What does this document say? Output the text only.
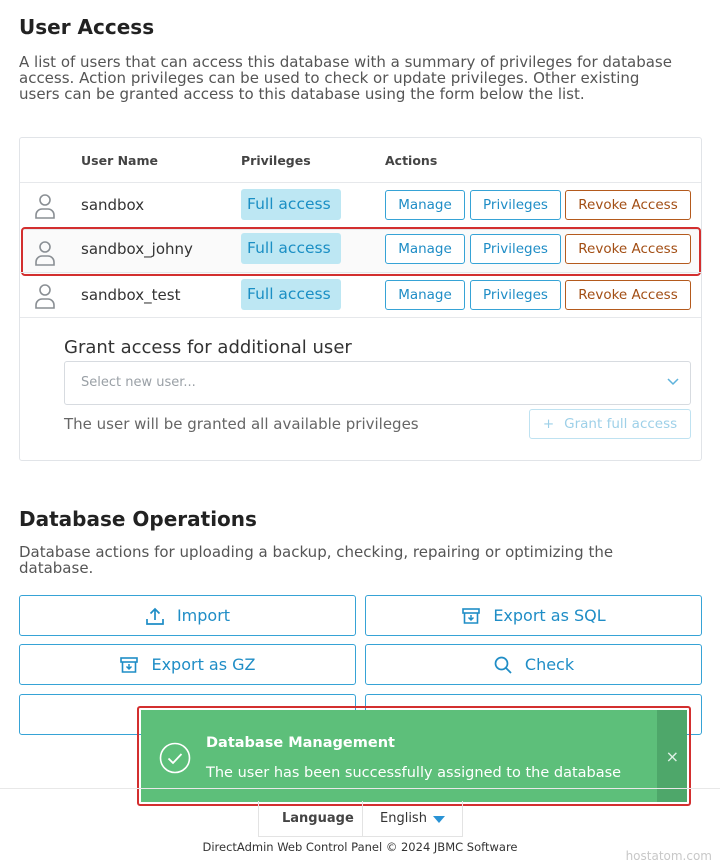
User Access
A list of users that can access this database with a summary of privileges for database access. Action privileges can be used to check or update privileges. Other existing users can be granted access to this database using the form below the list.
User Name	Privileges	Actions
sandbox	Full access	Manage	Privileges	Revoke Access
sandbox_johny	Full access	Manage	Privileges	Revoke Access
sandbox_test	Full access	Manage	Privileges	Revoke Access
Grant access for additional user
Select new user...
The user will be granted all available privileges	+ Grant full access
Database Operations
Database actions for uploading a backup, checking, repairing or optimizing the database.
Import	Export as SQL
Export as GZ	Check
Database Management
The user has been successfully assigned to the database
×
Language English
DirectAdmin Web Control Panel © 2024 JBMC Software
hostatom.com
